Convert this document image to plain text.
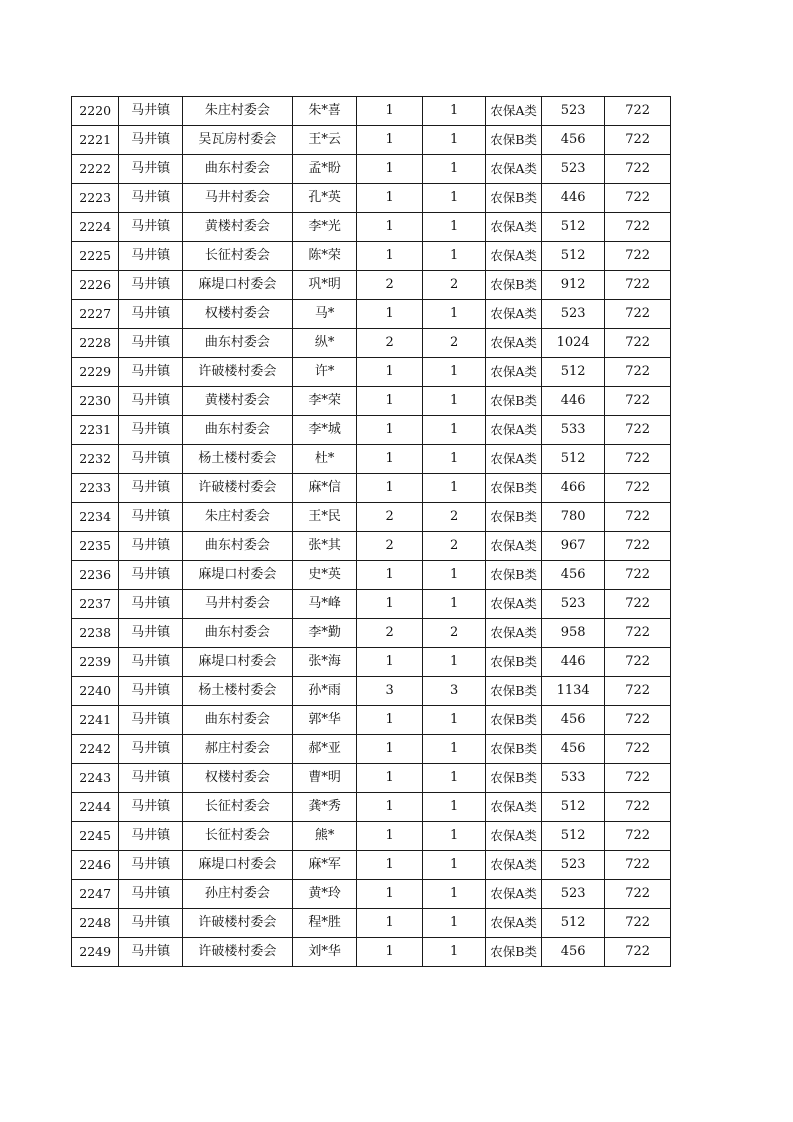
2220	马井镇	朱庄村委会	朱*喜	1	1	农保A类	523	722
2221	马井镇	吴瓦房村委会	王*云	1	1	农保B类	456	722
2222	马井镇	曲东村委会	孟*盼	1	1	农保A类	523	722
2223	马井镇	马井村委会	孔*英	1	1	农保B类	446	722
2224	马井镇	黄楼村委会	李*光	1	1	农保A类	512	722
2225	马井镇	长征村委会	陈*荣	1	1	农保A类	512	722
2226	马井镇	麻堤口村委会	巩*明	2	2	农保B类	912	722
2227	马井镇	权楼村委会	马*	1	1	农保A类	523	722
2228	马井镇	曲东村委会	纵*	2	2	农保A类	1024	722
2229	马井镇	许破楼村委会	许*	1	1	农保A类	512	722
2230	马井镇	黄楼村委会	李*荣	1	1	农保B类	446	722
2231	马井镇	曲东村委会	李*城	1	1	农保A类	533	722
2232	马井镇	杨土楼村委会	杜*	1	1	农保A类	512	722
2233	马井镇	许破楼村委会	麻*信	1	1	农保B类	466	722
2234	马井镇	朱庄村委会	王*民	2	2	农保B类	780	722
2235	马井镇	曲东村委会	张*其	2	2	农保A类	967	722
2236	马井镇	麻堤口村委会	史*英	1	1	农保B类	456	722
2237	马井镇	马井村委会	马*峰	1	1	农保A类	523	722
2238	马井镇	曲东村委会	李*勤	2	2	农保A类	958	722
2239	马井镇	麻堤口村委会	张*海	1	1	农保B类	446	722
2240	马井镇	杨土楼村委会	孙*雨	3	3	农保B类	1134	722
2241	马井镇	曲东村委会	郭*华	1	1	农保B类	456	722
2242	马井镇	郝庄村委会	郝*亚	1	1	农保B类	456	722
2243	马井镇	权楼村委会	曹*明	1	1	农保B类	533	722
2244	马井镇	长征村委会	龚*秀	1	1	农保A类	512	722
2245	马井镇	长征村委会	熊*	1	1	农保A类	512	722
2246	马井镇	麻堤口村委会	麻*军	1	1	农保A类	523	722
2247	马井镇	孙庄村委会	黄*玲	1	1	农保A类	523	722
2248	马井镇	许破楼村委会	程*胜	1	1	农保A类	512	722
2249	马井镇	许破楼村委会	刘*华	1	1	农保B类	456	722
